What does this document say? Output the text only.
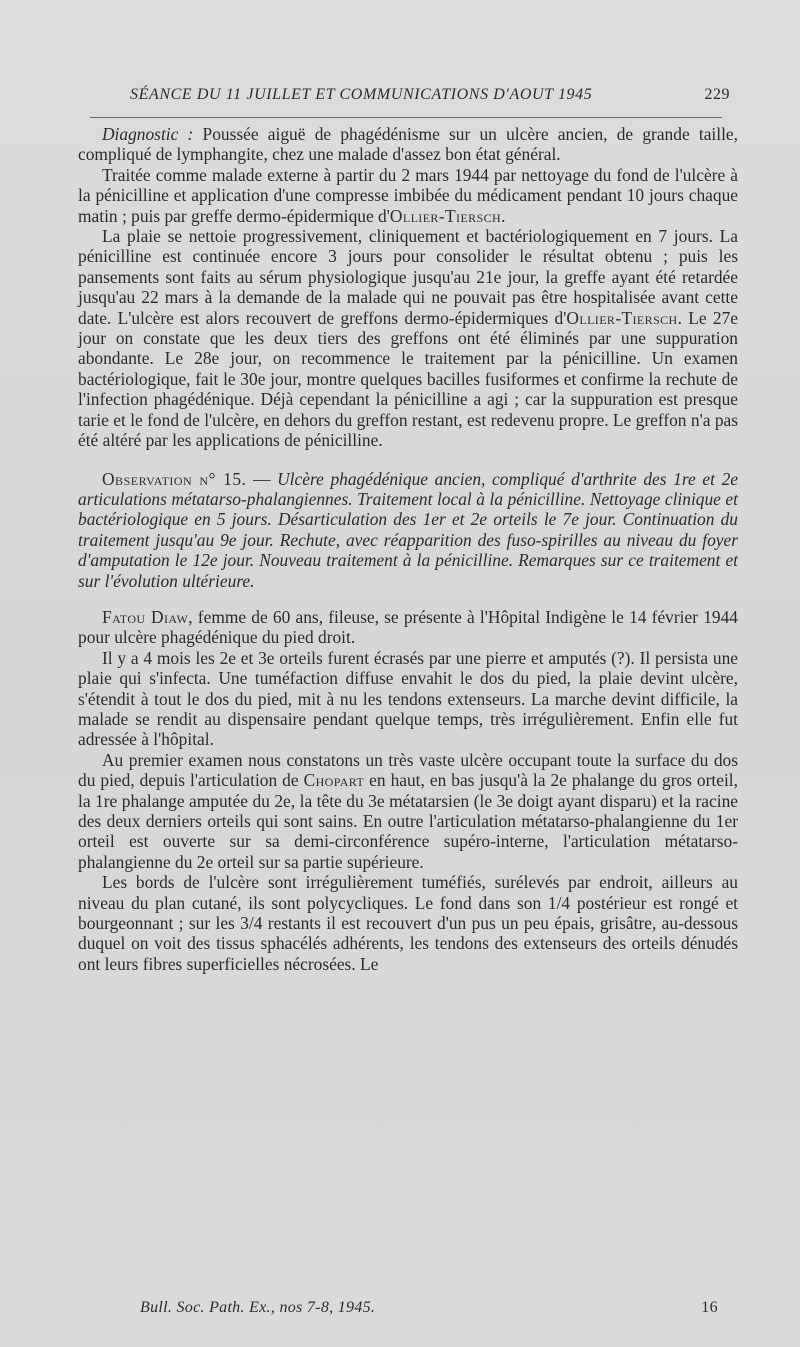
SÉANCE DU 11 JUILLET ET COMMUNICATIONS D'AOUT 1945	229

Diagnostic : Poussée aiguë de phagédénisme sur un ulcère ancien, de grande taille, compliqué de lymphangite, chez une malade d'assez bon état général.

Traitée comme malade externe à partir du 2 mars 1944 par nettoyage du fond de l'ulcère à la pénicilline et application d'une compresse imbibée du médicament pendant 10 jours chaque matin ; puis par greffe dermo-épidermique d'Ollier-Tiersch.

La plaie se nettoie progressivement, cliniquement et bactériologiquement en 7 jours. La pénicilline est continuée encore 3 jours pour consolider le résultat obtenu ; puis les pansements sont faits au sérum physiologique jusqu'au 21e jour, la greffe ayant été retardée jusqu'au 22 mars à la demande de la malade qui ne pouvait pas être hospitalisée avant cette date. L'ulcère est alors recouvert de greffons dermo-épidermiques d'Ollier-Tiersch. Le 27e jour on constate que les deux tiers des greffons ont été éliminés par une suppuration abondante. Le 28e jour, on recommence le traitement par la pénicilline. Un examen bactériologique, fait le 30e jour, montre quelques bacilles fusiformes et confirme la rechute de l'infection phagédénique. Déjà cependant la pénicilline a agi ; car la suppuration est presque tarie et le fond de l'ulcère, en dehors du greffon restant, est redevenu propre. Le greffon n'a pas été altéré par les applications de pénicilline.

Observation n° 15. — Ulcère phagédénique ancien, compliqué d'arthrite des 1re et 2e articulations métatarso-phalangiennes. Traitement local à la pénicilline. Nettoyage clinique et bactériologique en 5 jours. Désarticulation des 1er et 2e orteils le 7e jour. Continuation du traitement jusqu'au 9e jour. Rechute, avec réapparition des fuso-spirilles au niveau du foyer d'amputation le 12e jour. Nouveau traitement à la pénicilline. Remarques sur ce traitement et sur l'évolution ultérieure.

Fatou Diaw, femme de 60 ans, fileuse, se présente à l'Hôpital Indigène le 14 février 1944 pour ulcère phagédénique du pied droit.

Il y a 4 mois les 2e et 3e orteils furent écrasés par une pierre et amputés (?). Il persista une plaie qui s'infecta. Une tuméfaction diffuse envahit le dos du pied, la plaie devint ulcère, s'étendit à tout le dos du pied, mit à nu les tendons extenseurs. La marche devint difficile, la malade se rendit au dispensaire pendant quelque temps, très irrégulièrement. Enfin elle fut adressée à l'hôpital.

Au premier examen nous constatons un très vaste ulcère occupant toute la surface du dos du pied, depuis l'articulation de Chopart en haut, en bas jusqu'à la 2e phalange du gros orteil, la 1re phalange amputée du 2e, la tête du 3e métatarsien (le 3e doigt ayant disparu) et la racine des deux derniers orteils qui sont sains. En outre l'articulation métatarso-phalangienne du 1er orteil est ouverte sur sa demi-circonférence supéro-interne, l'articulation métatarso-phalangienne du 2e orteil sur sa partie supérieure.

Les bords de l'ulcère sont irrégulièrement tuméfiés, surélevés par endroit, ailleurs au niveau du plan cutané, ils sont polycycliques. Le fond dans son 1/4 postérieur est rongé et bourgeonnant ; sur les 3/4 restants il est recouvert d'un pus un peu épais, grisâtre, au-dessous duquel on voit des tissus sphacélés adhérents, les tendons des extenseurs des orteils dénudés ont leurs fibres superficielles nécrosées. Le

Bull. Soc. Path. Ex., nos 7-8, 1945.	16
